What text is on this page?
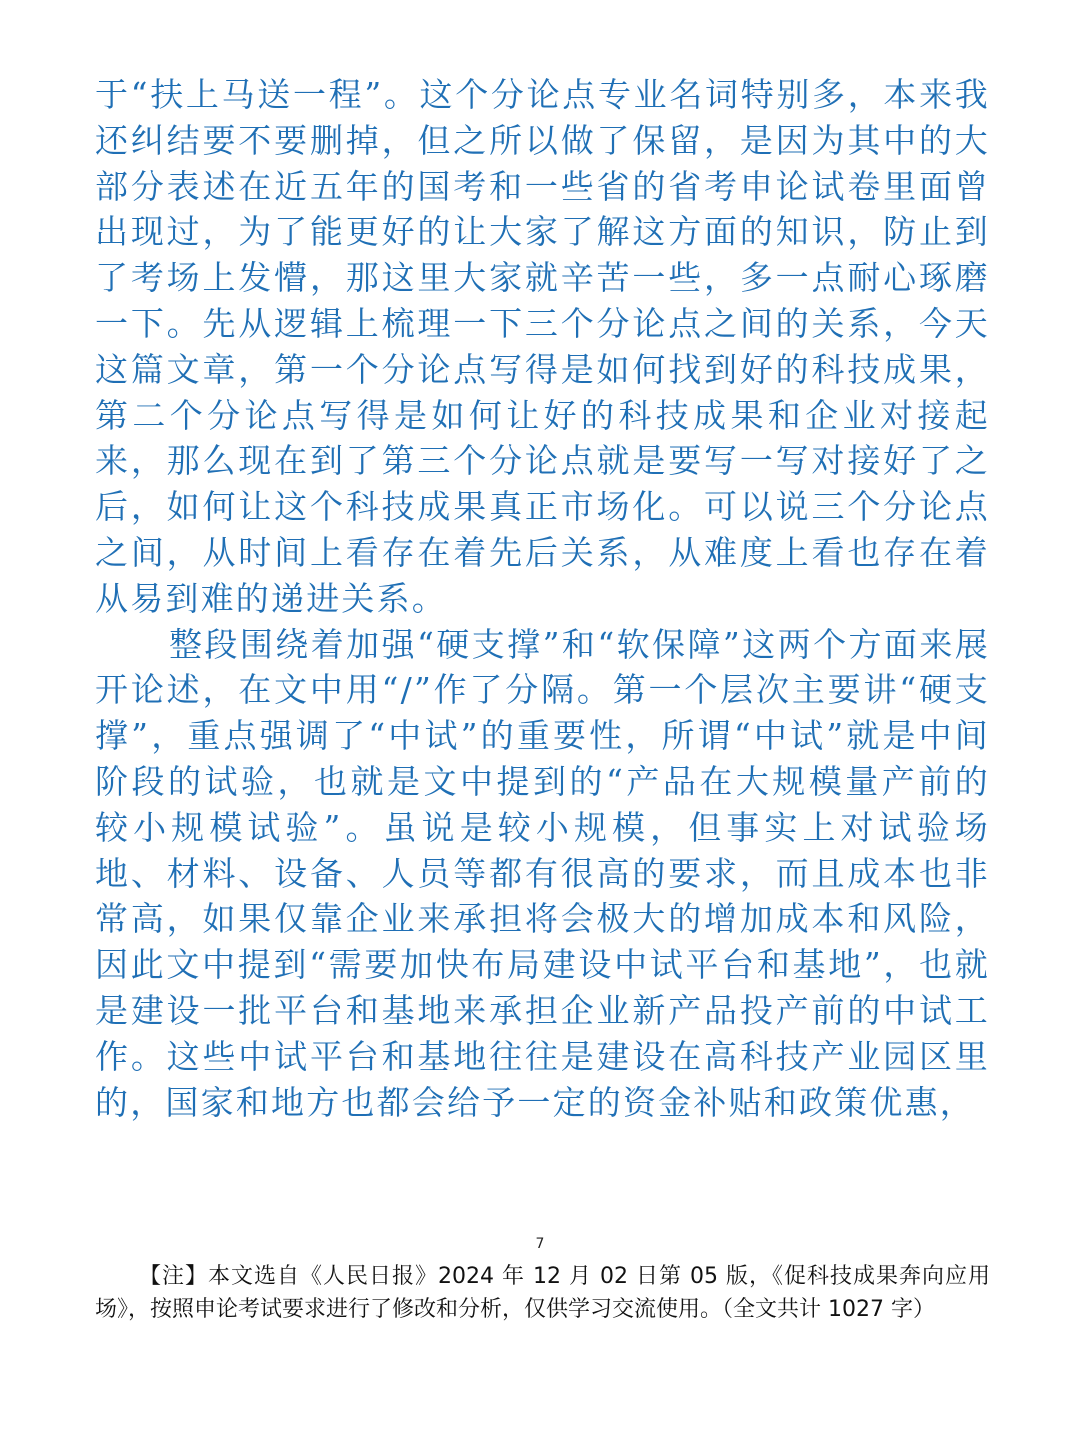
于“扶上马送一程”。这个分论点专业名词特别多，本来我还纠结要不要删掉，但之所以做了保留，是因为其中的大部分表述在近五年的国考和一些省的省考申论试卷里面曾出现过，为了能更好的让大家了解这方面的知识，防止到了考场上发懵，那这里大家就辛苦一些，多一点耐心琢磨一下。先从逻辑上梳理一下三个分论点之间的关系，今天这篇文章，第一个分论点写得是如何找到好的科技成果，第二个分论点写得是如何让好的科技成果和企业对接起来，那么现在到了第三个分论点就是要写一写对接好了之后，如何让这个科技成果真正市场化。可以说三个分论点之间，从时间上看存在着先后关系，从难度上看也存在着从易到难的递进关系。

整段围绕着加强“硬支撑”和“软保障”这两个方面来展开论述，在文中用“/”作了分隔。第一个层次主要讲“硬支撑”，重点强调了“中试”的重要性，所谓“中试”就是中间阶段的试验，也就是文中提到的“产品在大规模量产前的较小规模试验”。虽说是较小规模，但事实上对试验场地、材料、设备、人员等都有很高的要求，而且成本也非常高，如果仅靠企业来承担将会极大的增加成本和风险，因此文中提到“需要加快布局建设中试平台和基地”，也就是建设一批平台和基地来承担企业新产品投产前的中试工作。这些中试平台和基地往往是建设在高科技产业园区里的，国家和地方也都会给予一定的资金补贴和政策优惠，

7

【注】本文选自《人民日报》2024 年 12 月 02 日第 05 版，《促科技成果奔向应用场》，按照申论考试要求进行了修改和分析，仅供学习交流使用。（全文共计 1027 字）
